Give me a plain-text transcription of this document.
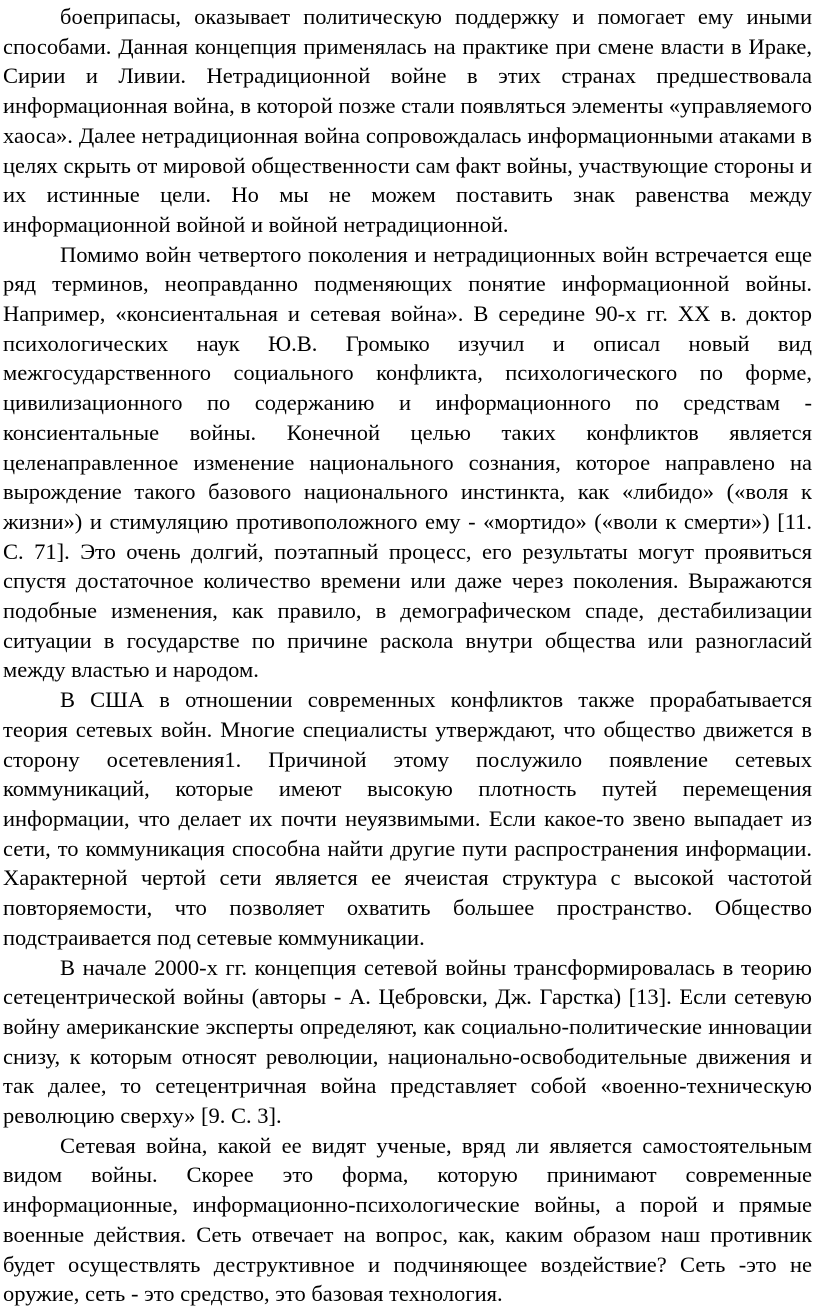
боеприпасы, оказывает политическую поддержку и помогает ему иными способами. Данная концепция применялась на практике при смене власти в Ираке, Сирии и Ливии. Нетрадиционной войне в этих странах предшествовала информационная война, в которой позже стали появляться элементы «управляемого хаоса». Далее нетрадиционная война сопровождалась информационными атаками в целях скрыть от мировой общественности сам факт войны, участвующие стороны и их истинные цели. Но мы не можем поставить знак равенства между информационной войной и войной нетрадиционной.

Помимо войн четвертого поколения и нетрадиционных войн встречается еще ряд терминов, неоправданно подменяющих понятие информационной войны. Например, «консиентальная и сетевая война». В середине 90-х гг. XX в. доктор психологических наук Ю.В. Громыко изучил и описал новый вид межгосударственного социального конфликта, психологического по форме, цивилизационного по содержанию и информационного по средствам - консиентальные войны. Конечной целью таких конфликтов является целенаправленное изменение национального сознания, которое направлено на вырождение такого базового национального инстинкта, как «либидо» («воля к жизни») и стимуляцию противоположного ему - «мортидо» («воли к смерти») [11. С. 71]. Это очень долгий, поэтапный процесс, его результаты могут проявиться спустя достаточное количество времени или даже через поколения. Выражаются подобные изменения, как правило, в демографическом спаде, дестабилизации ситуации в государстве по причине раскола внутри общества или разногласий между властью и народом.

В США в отношении современных конфликтов также прорабатывается теория сетевых войн. Многие специалисты утверждают, что общество движется в сторону осетевления1. Причиной этому послужило появление сетевых коммуникаций, которые имеют высокую плотность путей перемещения информации, что делает их почти неуязвимыми. Если какое-то звено выпадает из сети, то коммуникация способна найти другие пути распространения информации. Характерной чертой сети является ее ячеистая структура с высокой частотой повторяемости, что позволяет охватить большее пространство. Общество подстраивается под сетевые коммуникации.

В начале 2000-х гг. концепция сетевой войны трансформировалась в теорию сетецентрической войны (авторы - А. Цебровски, Дж. Гарстка) [13]. Если сетевую войну американские эксперты определяют, как социально-политические инновации снизу, к которым относят революции, национально-освободительные движения и так далее, то сетецентричная война представляет собой «военно-техническую революцию сверху» [9. С. 3].

Сетевая война, какой ее видят ученые, вряд ли является самостоятельным видом войны. Скорее это форма, которую принимают современные информационные, информационно-психологические войны, а порой и прямые военные действия. Сеть отвечает на вопрос, как, каким образом наш противник будет осуществлять деструктивное и подчиняющее воздействие? Сеть -это не оружие, сеть - это средство, это базовая технология.
